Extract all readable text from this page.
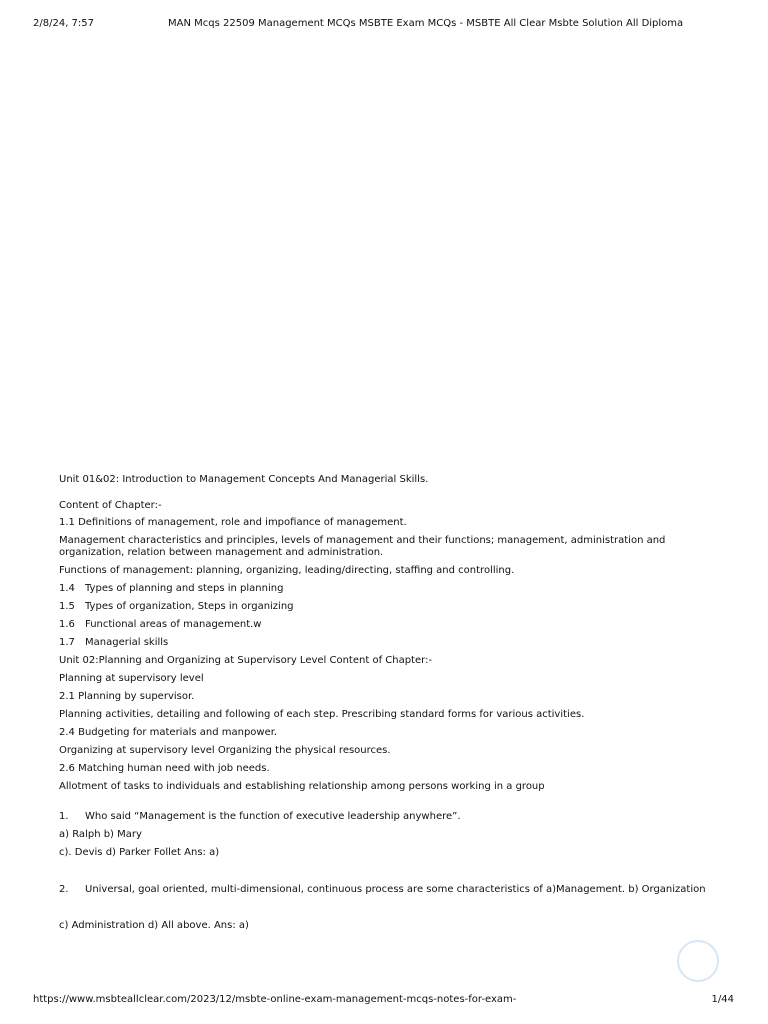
2/8/24, 7:57	MAN Mcqs 22509 Management MCQs MSBTE Exam MCQs - MSBTE All Clear Msbte Solution All Diploma

Unit 01&02: Introduction to Management Concepts And Managerial Skills.

Content of Chapter:-

1.1 Definitions of management, role and impofiance of management.

Management characteristics and principles, levels of management and their functions; management, administration and organization, relation between management and administration.

Functions of management: planning, organizing, leading/directing, staffing and controlling.

1.4 Types of planning and steps in planning

1.5 Types of organization, Steps in organizing

1.6 Functional areas of management.w

1.7 Managerial skills

Unit 02:Planning and Organizing at Supervisory Level Content of Chapter:-

Planning at supervisory level

2.1 Planning by supervisor.

Planning activities, detailing and following of each step. Prescribing standard forms for various activities.

2.4 Budgeting for materials and manpower.

Organizing at supervisory level Organizing the physical resources.

2.6 Matching human need with job needs.

Allotment of tasks to individuals and establishing relationship among persons working in a group

1. Who said “Management is the function of executive leadership anywhere”.

a) Ralph b) Mary

c). Devis d) Parker Follet Ans: a)

2. Universal, goal oriented, multi-dimensional, continuous process are some characteristics of a)Management. b) Organization

c) Administration d) All above. Ans: a)

https://www.msbteallclear.com/2023/12/msbte-online-exam-management-mcqs-notes-for-exam-	1/44
